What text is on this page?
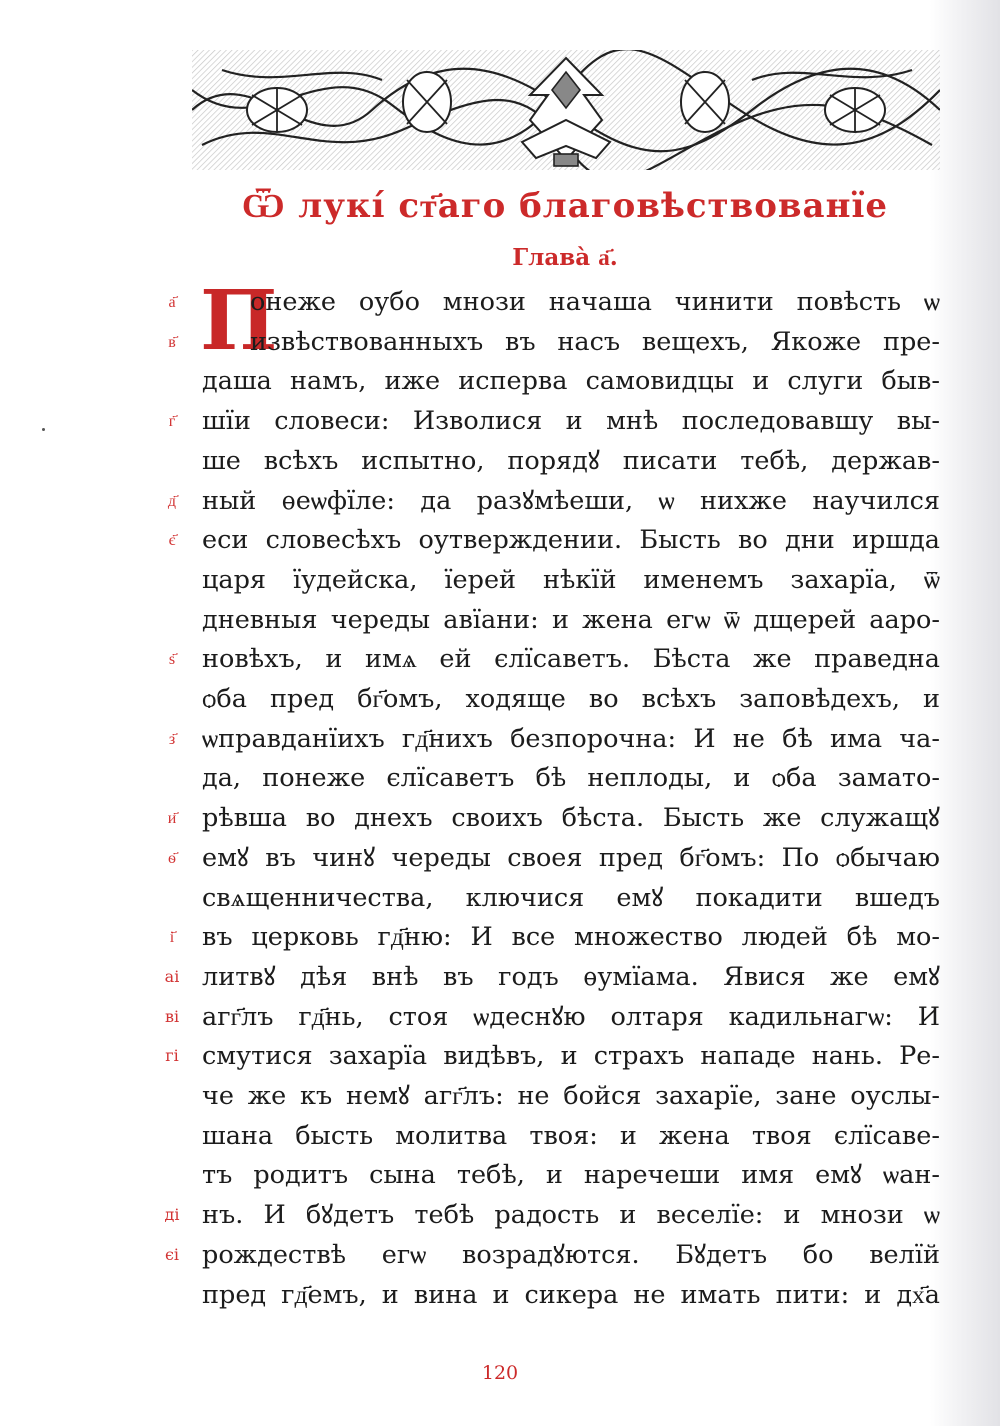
Ѿ лукí ст҃аго благовѣствованїе
Глава̀ а҃.
П
онеже оубо мнози начаша чинити повѣсть ѡ
извѣствованныхъ въ насъ вещехъ, Якоже пре-
даша намъ, иже исперва самовидцы и слуги быв-
шїи словеси: Изволися и мнѣ последовавшу вы-
ше всѣхъ испытно, порядꙋ писати тебѣ, держав-
ный ѳеѡфїле: да разꙋмѣеши, ѡ нихже научился
еси словесѣхъ оутверждении. Бысть во дни иршда
царя їудейска, їерей нѣкїй именемъ захарїа, ѿ
дневныя череды авїани: и жена егѡ ѿ дщерей ааро-
новѣхъ, и имѧ ей єлїсаветъ. Бѣста же праведна
ѻба пред бг҃омъ, ходяще во всѣхъ заповѣдехъ, и
ѡправданїихъ гд҃нихъ безпорочна: И не бѣ има ча-
да, понеже єлїсаветъ бѣ неплоды, и ѻба замато-
рѣвша во днехъ своихъ бѣста. Бысть же служащꙋ
емꙋ въ чинꙋ череды своея пред бг҃омъ: По ѻбычаю
свѧщенничества, ключися емꙋ покадити вшедъ
въ церковь гд҃ню: И все множество людей бѣ мо-
литвꙋ дѣя внѣ въ годъ ѳумїама. Явися же емꙋ
агг҃лъ гд҃нь, стоя ѡдеснꙋю олтаря кадильнагѡ: И
смутися захарїа видѣвъ, и страхъ нападе нань. Ре-
че же къ немꙋ агг҃лъ: не бойся захарїе, зане оуслы-
шана бысть молитва твоя: и жена твоя єлїсаве-
тъ родитъ сына тебѣ, и наречеши имя емꙋ ѡан-
нъ. И бꙋдетъ тебѣ радость и веселїе: и мнози ѡ
рождествѣ егѡ возрадꙋются. Бꙋдетъ бо велїй
пред гд҃емъ, и вина и сикера не имать пити: и дх҃а
а҃
в҃
г҃
д҃
є҃
ѕ҃
з҃
и҃
ѳ҃
і҃
аі
ві
гі
ді
єі
120
